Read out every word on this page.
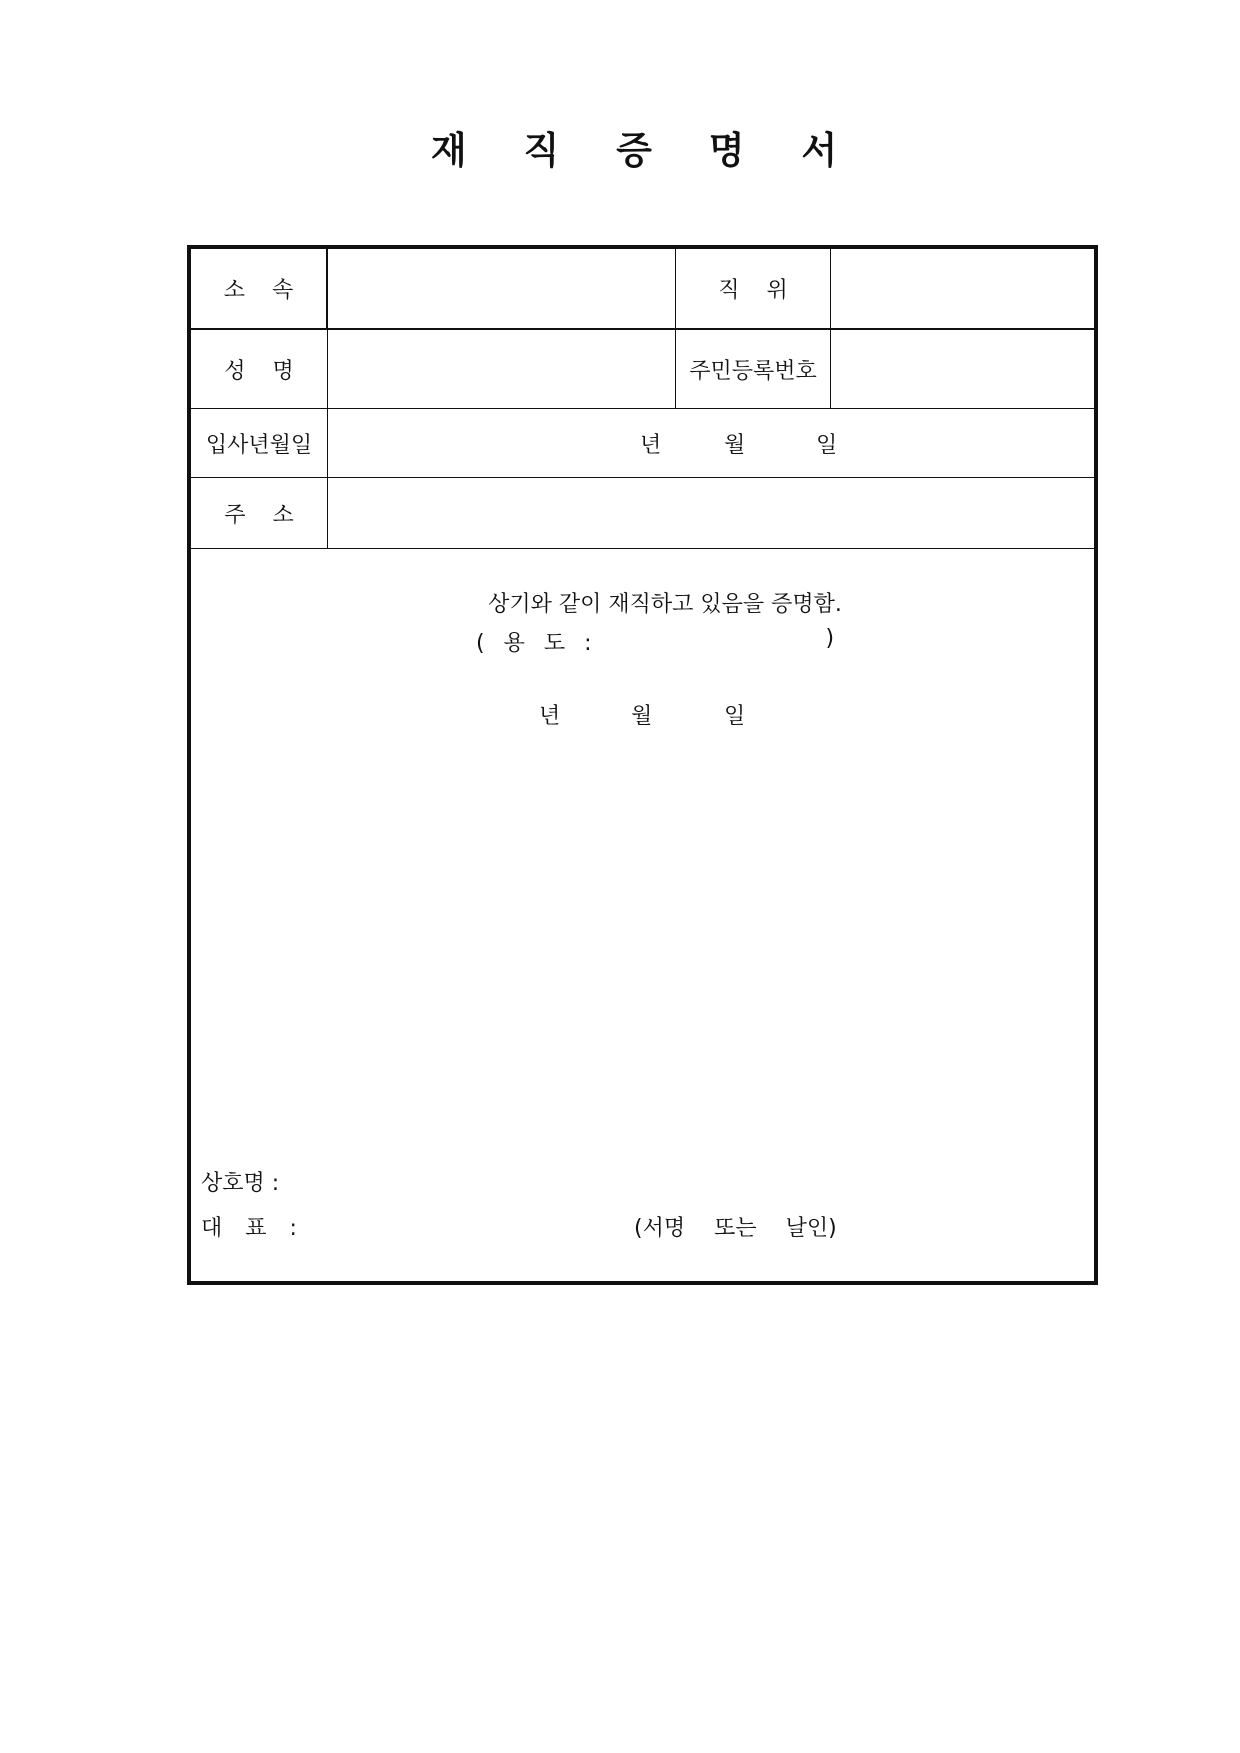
재 직 증 명 서
소 속	직 위
성 명	주민등록번호
입사년월일	년	월	일
주 소

상기와 같이 재직하고 있음을 증명함.

( 용 도 :	)
년	월	일
상호명 :
대 표 :	(서명 또는 날인)
